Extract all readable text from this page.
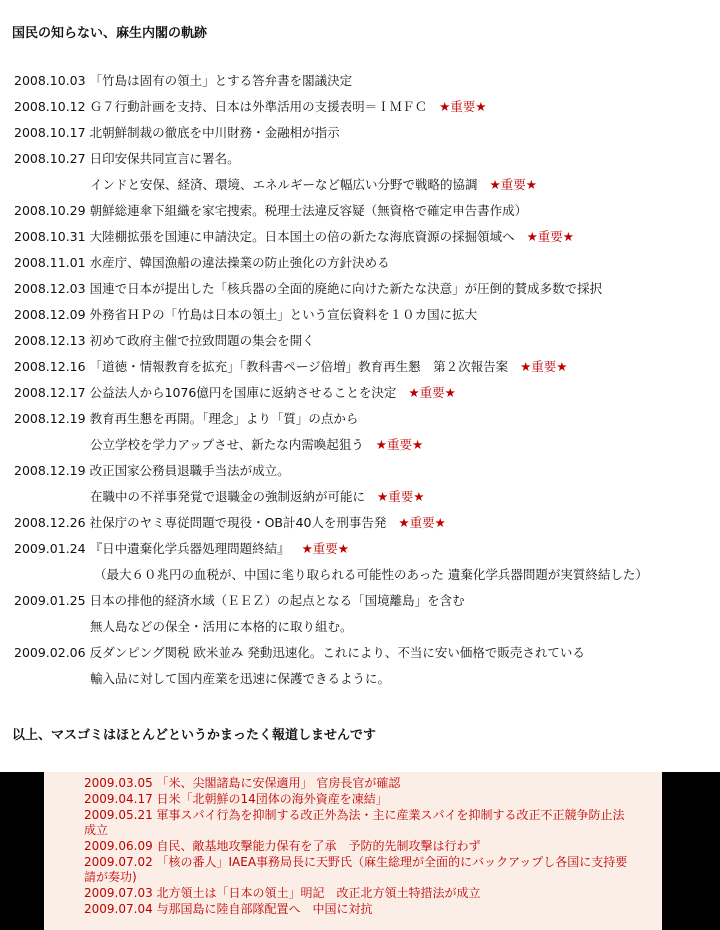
国民の知らない、麻生内閣の軌跡
2008.10.03 「竹島は固有の領土」とする答弁書を閣議決定
2008.10.12 Ｇ７行動計画を支持、日本は外準活用の支援表明＝ＩＭＦＣ ★重要★
2008.10.17 北朝鮮制裁の徹底を中川財務・金融相が指示
2008.10.27 日印安保共同宣言に署名。
インドと安保、経済、環境、エネルギーなど幅広い分野で戦略的協調 ★重要★
2008.10.29 朝鮮総連傘下組織を家宅捜索。税理士法違反容疑（無資格で確定申告書作成）
2008.10.31 大陸棚拡張を国連に申請決定。日本国土の倍の新たな海底資源の採掘領域へ ★重要★
2008.11.01 水産庁、韓国漁船の違法操業の防止強化の方針決める
2008.12.03 国連で日本が提出した「核兵器の全面的廃絶に向けた新たな決意」が圧倒的賛成多数で採択
2008.12.09 外務省ＨＰの「竹島は日本の領土」という宣伝資料を１０カ国に拡大
2008.12.13 初めて政府主催で拉致問題の集会を開く
2008.12.16 「道徳・情報教育を拡充」「教科書ページ倍増」教育再生懇　第２次報告案 ★重要★
2008.12.17 公益法人から1076億円を国庫に返納させることを決定 ★重要★
2008.12.19 教育再生懇を再開。「理念」より「質」の点から
公立学校を学力アップさせ、新たな内需喚起狙う ★重要★
2008.12.19 改正国家公務員退職手当法が成立。
在職中の不祥事発覚で退職金の強制返納が可能に ★重要★
2008.12.26 社保庁のヤミ専従問題で現役・OB計40人を刑事告発 ★重要★
2009.01.24 『日中遺棄化学兵器処理問題終結』 ★重要★
（最大６０兆円の血税が、中国に毟り取られる可能性のあった 遺棄化学兵器問題が実質終結した）
2009.01.25 日本の排他的経済水域（ＥＥＺ）の起点となる「国境離島」を含む
無人島などの保全・活用に本格的に取り組む。
2009.02.06 反ダンピング関税 欧米並み 発動迅速化。これにより、不当に安い価格で販売されている
輸入品に対して国内産業を迅速に保護できるように。
以上、マスゴミはほとんどというかまったく報道しませんです
2009.03.05 「米、尖閣諸島に安保適用」 官房長官が確認
2009.04.17 日米「北朝鮮の14団体の海外資産を凍結」
2009.05.21 軍事スパイ行為を抑制する改正外為法・主に産業スパイを抑制する改正不正競争防止法
成立
2009.06.09 自民、敵基地攻撃能力保有を了承　予防的先制攻撃は行わず
2009.07.02 「核の番人」IAEA事務局長に天野氏（麻生総理が全面的にバックアップし各国に支持要
請が奏功)
2009.07.03 北方領土は「日本の領土」明記　改正北方領土特措法が成立
2009.07.04 与那国島に陸自部隊配置へ　中国に対抗
